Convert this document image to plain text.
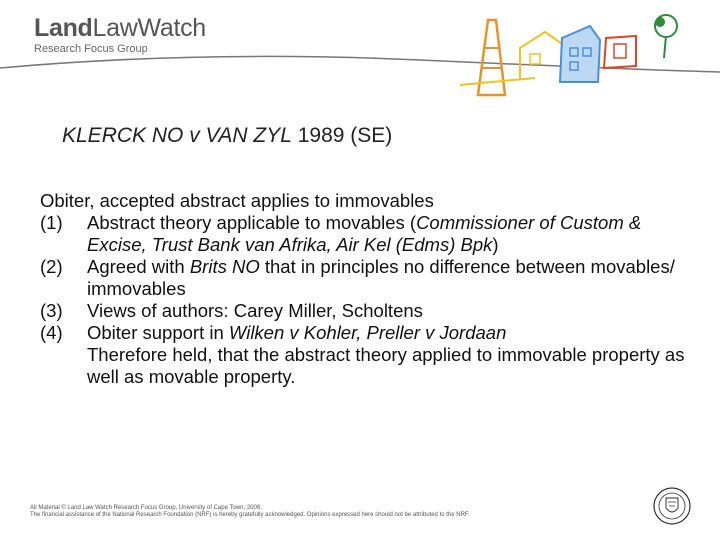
LandLawWatch
Research Focus Group
KLERCK NO v VAN ZYL 1989 (SE)
Obiter, accepted abstract applies to immovables
(1)	Abstract theory applicable to movables (Commissioner of Custom & Excise, Trust Bank van Afrika, Air Kel (Edms) Bpk)
(2)	Agreed with Brits NO that in principles no difference between movables/ immovables
(3)	Views of authors: Carey Miller, Scholtens
(4)	Obiter support in Wilken v Kohler, Preller v Jordaan
Therefore held, that the abstract theory applied to immovable property as well as movable property.
All Material © Land Law Watch Research Focus Group, University of Cape Town, 2008.
The financial assistance of the National Research Foundation (NRF) is hereby gratefully acknowledged. Opinions expressed here should not be attributed to the NRF.
